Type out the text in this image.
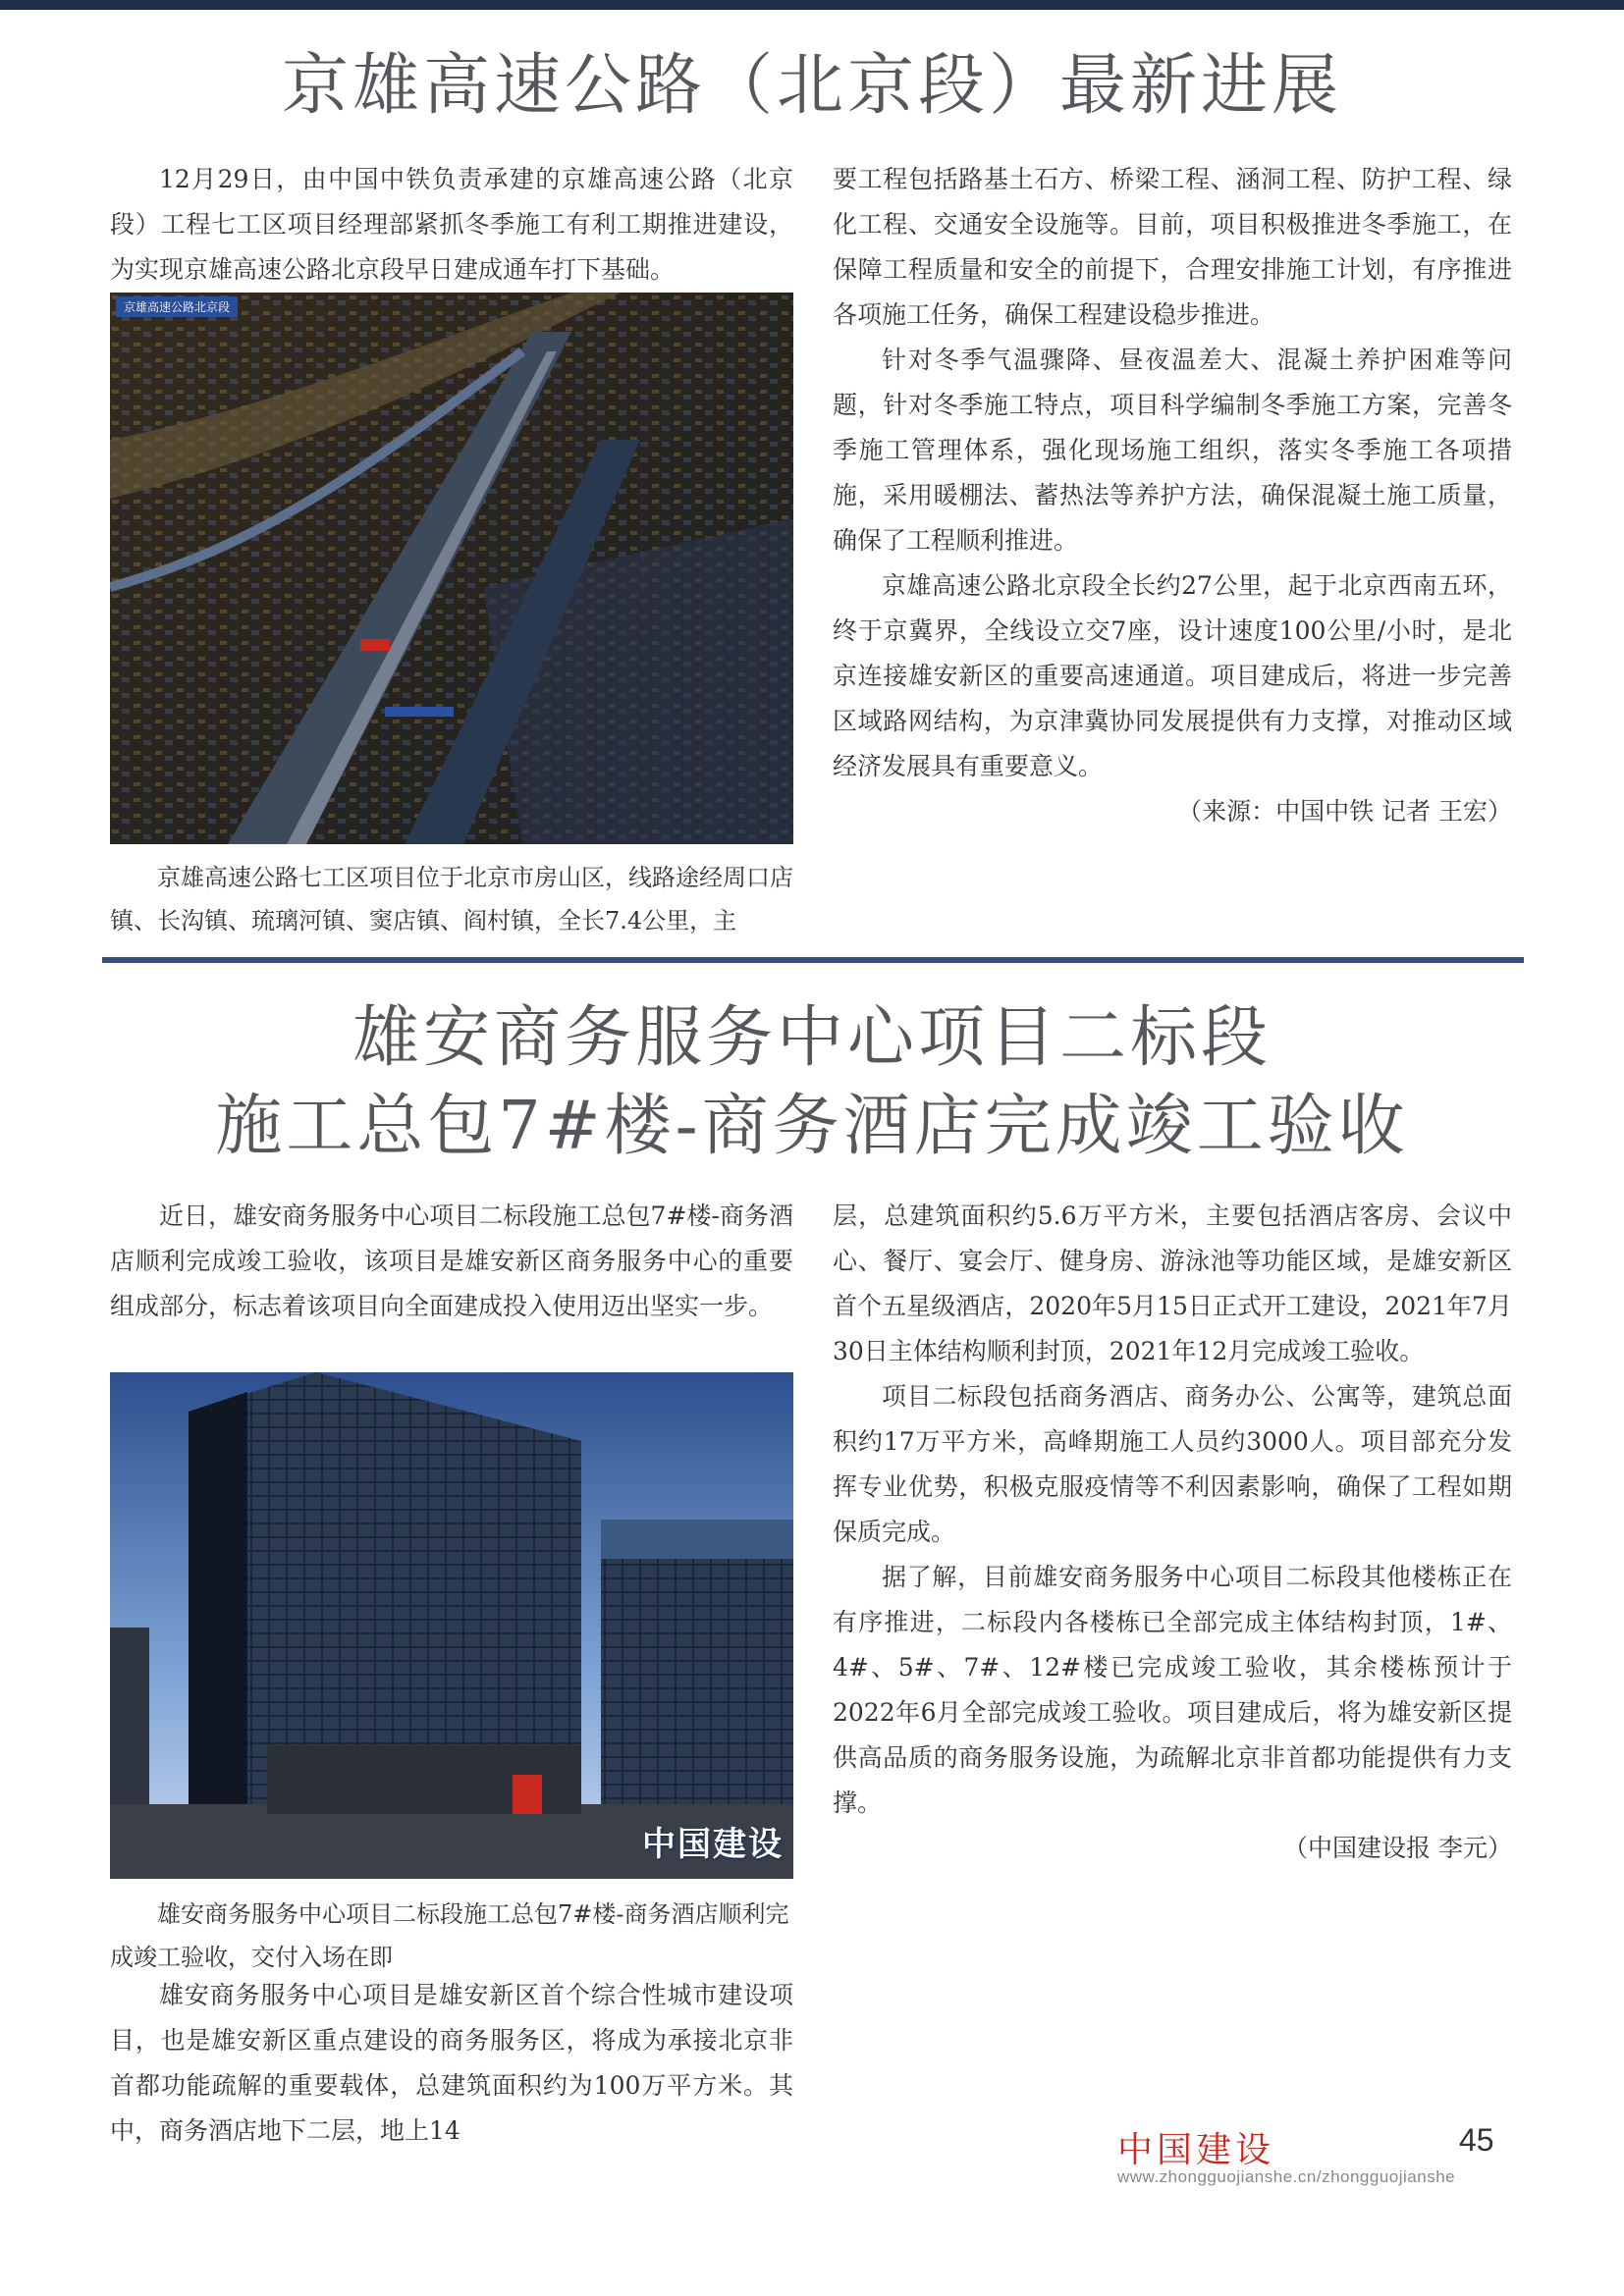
京雄高速公路（北京段）最新进展

12月29日，由中国中铁负责承建的京雄高速公路（北京段）工程七工区项目经理部紧抓冬季施工有利工期推进建设，为实现京雄高速公路北京段早日建成通车打下基础。

京雄高速公路北京段

京雄高速公路七工区项目位于北京市房山区，线路途经周口店镇、长沟镇、琉璃河镇、窦店镇、阎村镇，全长7.4公里，主

要工程包括路基土石方、桥梁工程、涵洞工程、防护工程、绿化工程、交通安全设施等。目前，项目积极推进冬季施工，在保障工程质量和安全的前提下，合理安排施工计划，有序推进各项施工任务，确保工程建设稳步推进。

针对冬季气温骤降、昼夜温差大、混凝土养护困难等问题，针对冬季施工特点，项目科学编制冬季施工方案，完善冬季施工管理体系，强化现场施工组织，落实冬季施工各项措施，采用暖棚法、蓄热法等养护方法，确保混凝土施工质量，确保了工程顺利推进。

京雄高速公路北京段全长约27公里，起于北京西南五环，终于京冀界，全线设立交7座，设计速度100公里/小时，是北京连接雄安新区的重要高速通道。项目建成后，将进一步完善区域路网结构，为京津冀协同发展提供有力支撑，对推动区域经济发展具有重要意义。

（来源：中国中铁 记者 王宏）

雄安商务服务中心项目二标段
施工总包7#楼-商务酒店完成竣工验收

近日，雄安商务服务中心项目二标段施工总包7#楼-商务酒店顺利完成竣工验收，该项目是雄安新区商务服务中心的重要组成部分，标志着该项目向全面建成投入使用迈出坚实一步。

中国建设

雄安商务服务中心项目二标段施工总包7#楼-商务酒店顺利完成竣工验收，交付入场在即

雄安商务服务中心项目是雄安新区首个综合性城市建设项目，也是雄安新区重点建设的商务服务区，将成为承接北京非首都功能疏解的重要载体，总建筑面积约为100万平方米。其中，商务酒店地下二层，地上14

层，总建筑面积约5.6万平方米，主要包括酒店客房、会议中心、餐厅、宴会厅、健身房、游泳池等功能区域，是雄安新区首个五星级酒店，2020年5月15日正式开工建设，2021年7月30日主体结构顺利封顶，2021年12月完成竣工验收。

项目二标段包括商务酒店、商务办公、公寓等，建筑总面积约17万平方米，高峰期施工人员约3000人。项目部充分发挥专业优势，积极克服疫情等不利因素影响，确保了工程如期保质完成。

据了解，目前雄安商务服务中心项目二标段其他楼栋正在有序推进，二标段内各楼栋已全部完成主体结构封顶，1#、4#、5#、7#、12#楼已完成竣工验收，其余楼栋预计于2022年6月全部完成竣工验收。项目建成后，将为雄安新区提供高品质的商务服务设施，为疏解北京非首都功能提供有力支撑。

（中国建设报 李元）

中国建设	45
www.zhongguojianshe.cn/zhongguojianshe
